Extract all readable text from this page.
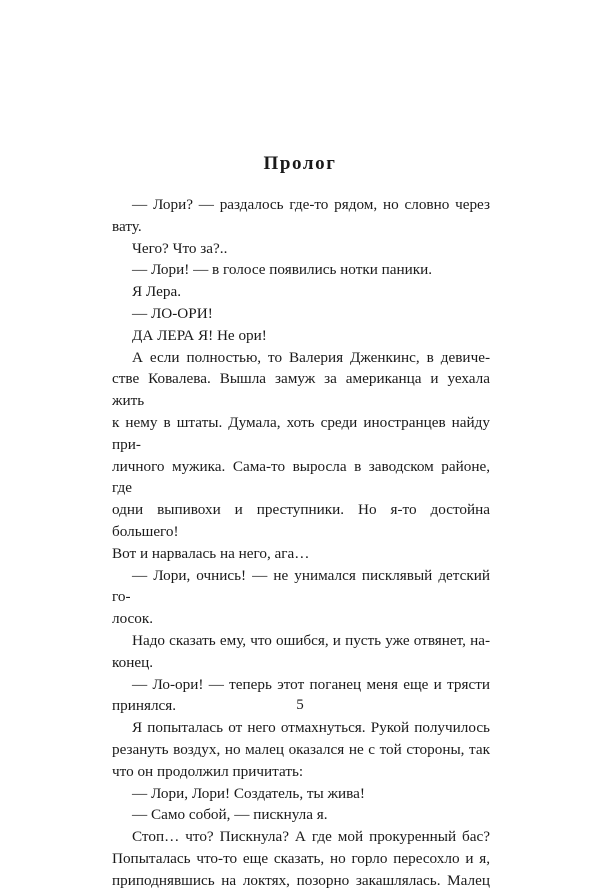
Пролог

— Лори? — раздалось где-то рядом, но словно через

вату.

Чего? Что за?..

— Лори! — в голосе появились нотки паники.

Я Лера.

— ЛО-ОРИ!

ДА ЛЕРА Я! Не ори!

А если полностью, то Валерия Дженкинс, в девиче-

стве Ковалева. Вышла замуж за американца и уехала жить

к нему в штаты. Думала, хоть среди иностранцев найду при-

личного мужика. Сама-то выросла в заводском районе, где

одни выпивохи и преступники. Но я-то достойна большего!

Вот и нарвалась на него, ага…

— Лори, очнись! — не унимался писклявый детский го-

лосок.

Надо сказать ему, что ошибся, и пусть уже отвянет, на-

конец.

— Ло-ори! — теперь этот поганец меня еще и трясти

принялся.

Я попыталась от него отмахнуться. Рукой получилось

резануть воздух, но малец оказался не с той стороны, так

что он продолжил причитать:

— Лори, Лори! Создатель, ты жива!

— Само собой, — пискнула я.

Стоп… что? Пискнула? А где мой прокуренный бас?

Попыталась что-то еще сказать, но горло пересохло и я,

приподнявшись на локтях, позорно закашлялась. Малец

5
